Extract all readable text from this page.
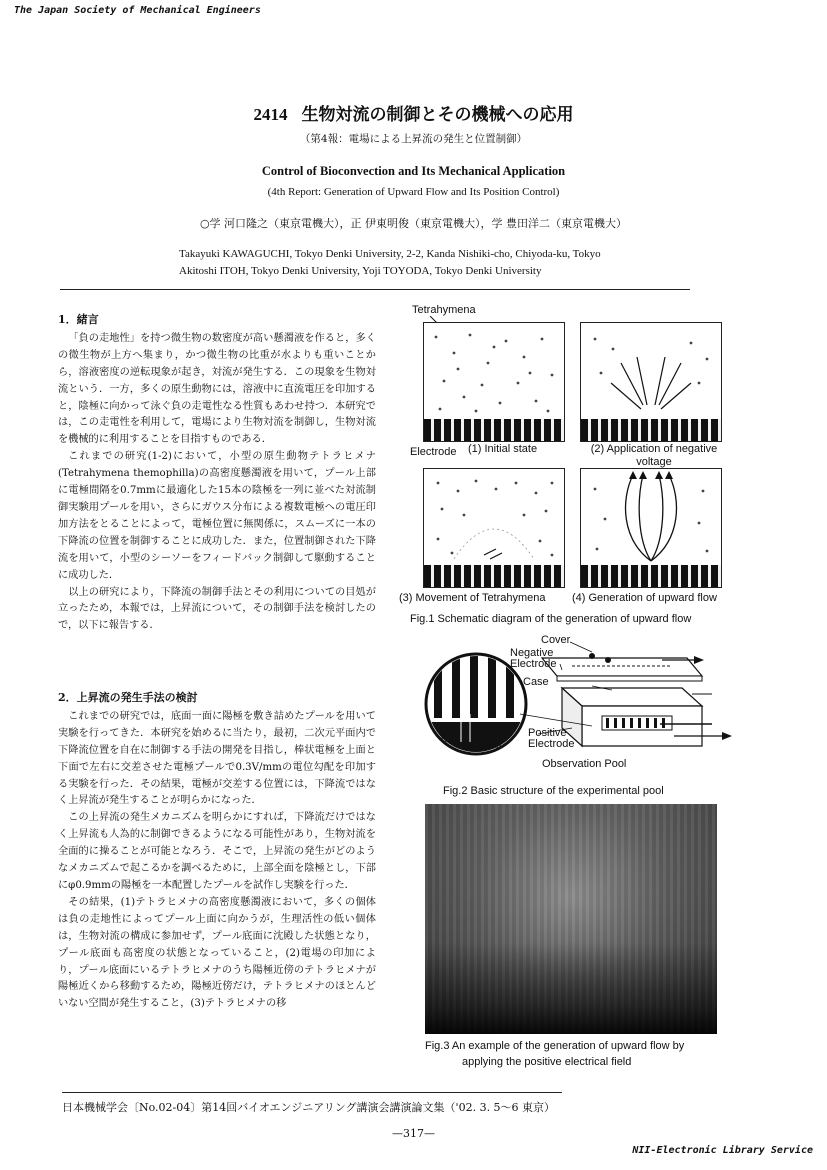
The Japan Society of Mechanical Engineers
2414 生物対流の制御とその機械への応用
（第4報：電場による上昇流の発生と位置制御）
Control of Bioconvection and Its Mechanical Application
(4th Report: Generation of Upward Flow and Its Position Control)
○学 河口隆之（東京電機大），正 伊東明俊（東京電機大），学 豊田洋二（東京電機大）
Takayuki KAWAGUCHI, Tokyo Denki University, 2-2, Kanda Nishiki-cho, Chiyoda-ku, Tokyo
Akitoshi ITOH, Tokyo Denki University, Yoji TOYODA, Tokyo Denki University
1．緒言

「負の走地性」を持つ微生物の数密度が高い懸濁液を作ると，多くの微生物が上方へ集まり，かつ微生物の比重が水よりも重いことから，溶液密度の逆転現象が起き，対流が発生する．この現象を生物対流という．一方，多くの原生動物には，溶液中に直流電圧を印加すると，陰極に向かって泳ぐ負の走電性なる性質もあわせ持つ．本研究では，この走電性を利用して，電場により生物対流を制御し，生物対流を機械的に利用することを目指すものである．

これまでの研究(1-2)において，小型の原生動物テトラヒメナ(Tetrahymena themophilla)の高密度懸濁液を用いて，プール上部に電極間隔を0.7mmに最適化した15本の陰極を一列に並べた対流制御実験用プールを用い，さらにガウス分布による複数電極への電圧印加方法をとることによって，電極位置に無関係に，スムーズに一本の下降流の位置を制御することに成功した．また，位置制御された下降流を用いて，小型のシーソーをフィードバック制御して駆動することに成功した．

以上の研究により，下降流の制御手法とその利用についての目処が立ったため，本報では，上昇流について，その制御手法を検討したので，以下に報告する．

2．上昇流の発生手法の検討

これまでの研究では，底面一面に陽極を敷き詰めたプールを用いて実験を行ってきた．本研究を始めるに当たり，最初，二次元平面内で下降流位置を自在に制御する手法の開発を目指し，棒状電極を上面と下面で左右に交差させた電極プールで0.3V/mmの電位勾配を印加する実験を行った．その結果，電極が交差する位置には，下降流ではなく上昇流が発生することが明らかになった．

この上昇流の発生メカニズムを明らかにすれば，下降流だけではなく上昇流も人為的に制御できるようになる可能性があり，生物対流を全面的に操ることが可能となろう．そこで，上昇流の発生がどのようなメカニズムで起こるかを調べるために，上部全面を陰極とし，下部にφ0.9mmの陽極を一本配置したプールを試作し実験を行った．

その結果，(1)テトラヒメナの高密度懸濁液において，多くの個体は負の走地性によってプール上面に向かうが，生理活性の低い個体は，生物対流の構成に参加せず，プール底面に沈殿した状態となり，プール底面も高密度の状態となっていること，(2)電場の印加により，プール底面にいるテトラヒメナのうち陽極近傍のテトラヒメナが陽極近くから移動するため，陽極近傍だけ，テトラヒメナのほとんどいない空間が発生すること，(3)テトラヒメナの移

Tetrahymena
Electrode (1) Initial state	(2) Application of negative voltage
(3) Movement of Tetrahymena (4) Generation of upward flow
Fig.1 Schematic diagram of the generation of upward flow
Cover
Negative Electrode
Case
Positive Electrode
Observation Pool
0.2	0.5
Fig.2 Basic structure of the experimental pool
Fig.3 An example of the generation of upward flow by
applying the positive electrical field
日本機械学会〔No.02-04〕第14回バイオエンジニアリング講演会講演論文集（'02. 3. 5～6 東京）
—317—
NII-Electronic Library Service
